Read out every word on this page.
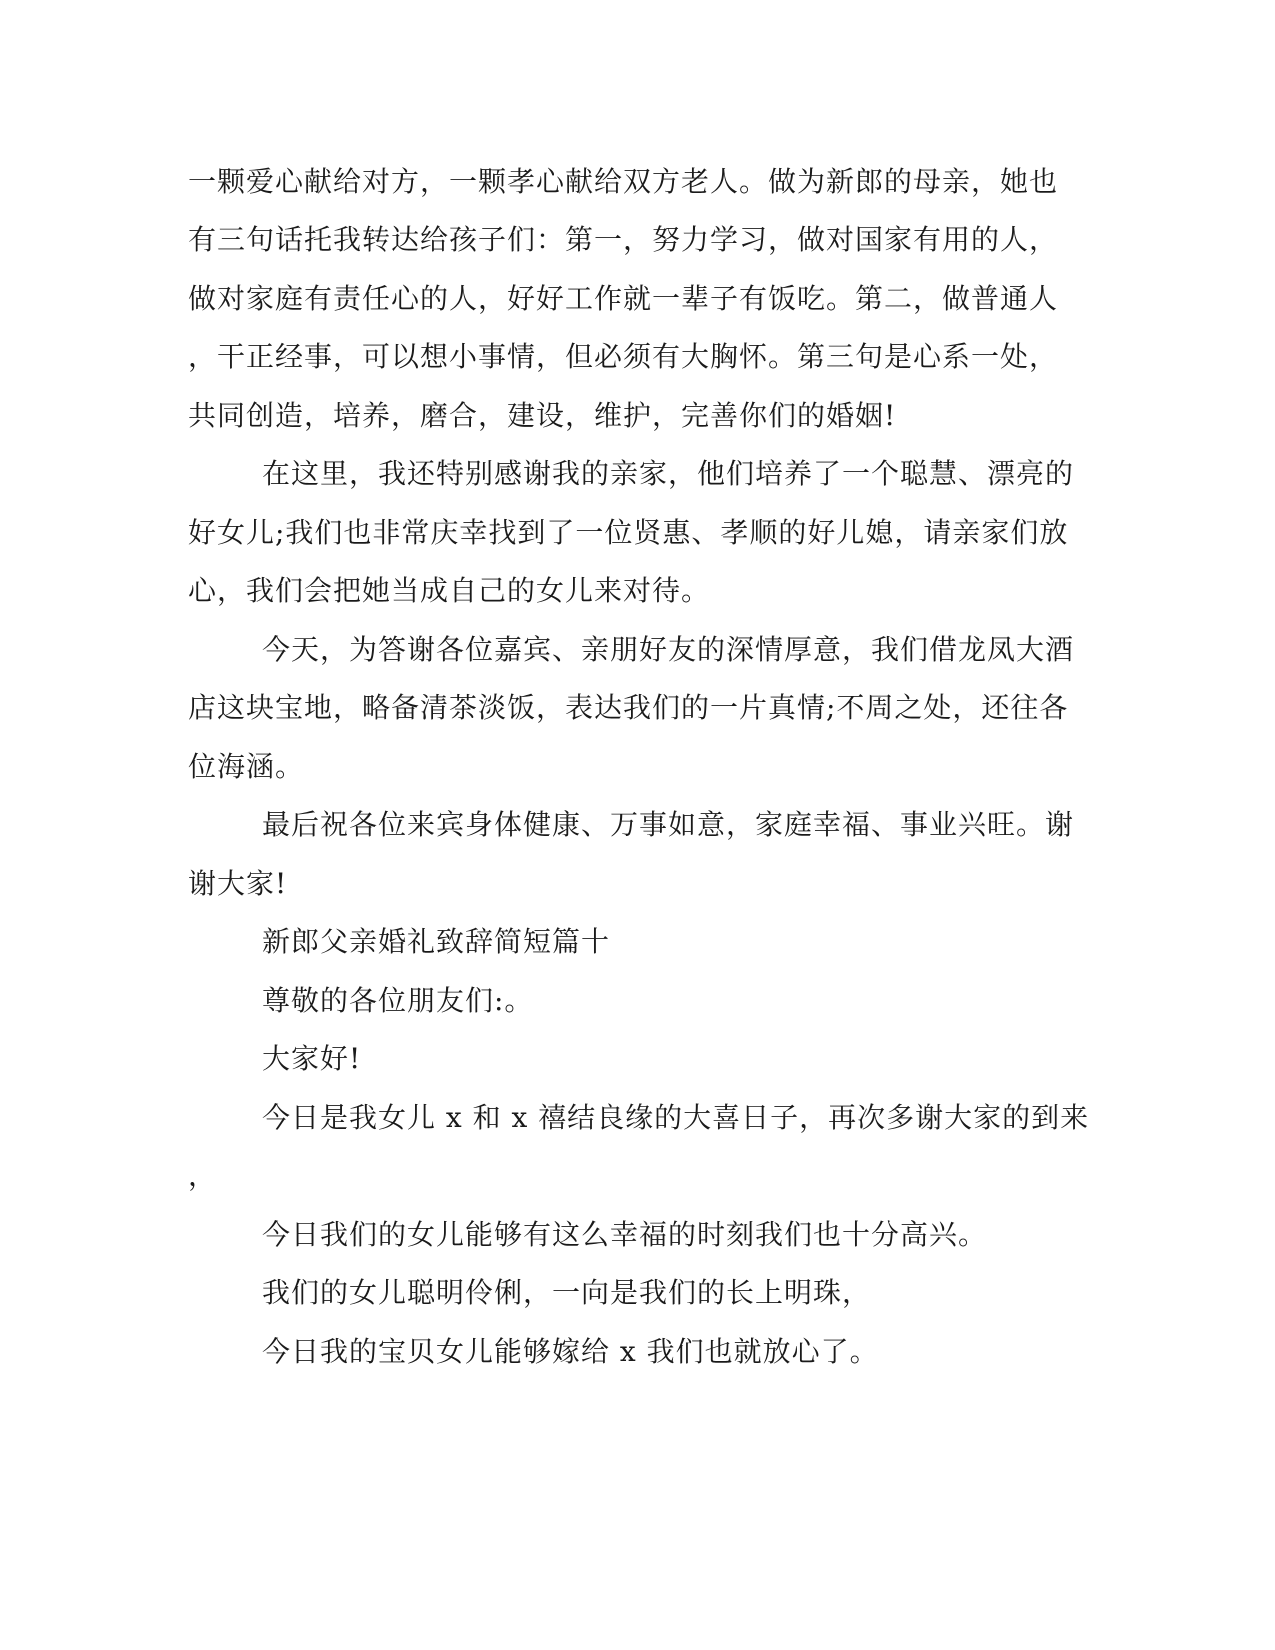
一颗爱心献给对方，一颗孝心献给双方老人。做为新郎的母亲，她也
有三句话托我转达给孩子们：第一，努力学习，做对国家有用的人，
做对家庭有责任心的人，好好工作就一辈子有饭吃。第二，做普通人
，干正经事，可以想小事情，但必须有大胸怀。第三句是心系一处，
共同创造，培养，磨合，建设，维护，完善你们的婚姻!
在这里，我还特别感谢我的亲家，他们培养了一个聪慧、漂亮的
好女儿;我们也非常庆幸找到了一位贤惠、孝顺的好儿媳，请亲家们放
心，我们会把她当成自己的女儿来对待。
今天，为答谢各位嘉宾、亲朋好友的深情厚意，我们借龙凤大酒
店这块宝地，略备清茶淡饭，表达我们的一片真情;不周之处，还往各
位海涵。
最后祝各位来宾身体健康、万事如意，家庭幸福、事业兴旺。谢
谢大家!
新郎父亲婚礼致辞简短篇十
尊敬的各位朋友们:。
大家好!
今日是我女儿 x 和 x 禧结良缘的大喜日子，再次多谢大家的到来
，
今日我们的女儿能够有这么幸福的时刻我们也十分高兴。
我们的女儿聪明伶俐，一向是我们的长上明珠，
今日我的宝贝女儿能够嫁给 x 我们也就放心了。
